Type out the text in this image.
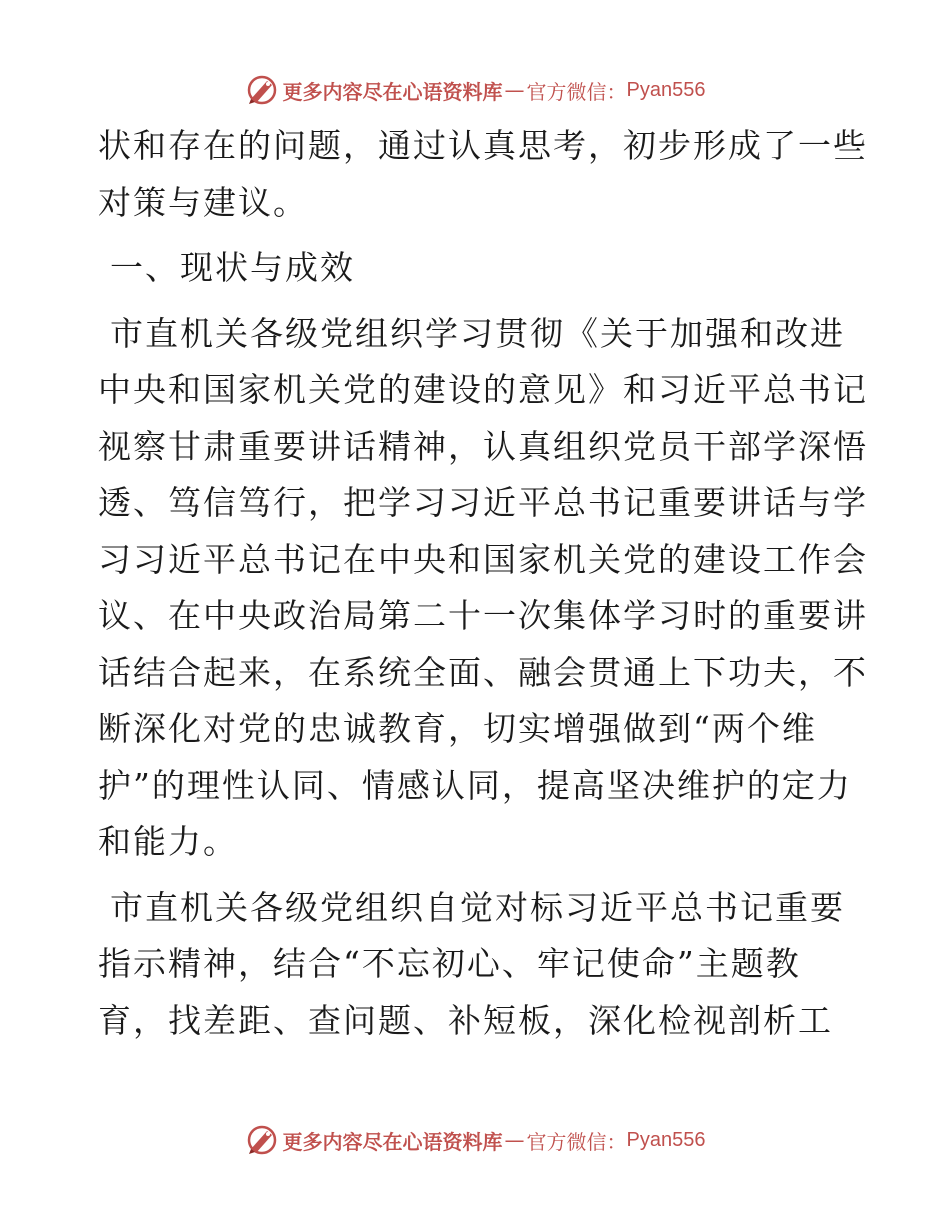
更多内容尽在心语资料库 — 官方微信： Pyan556
状和存在的问题，通过认真思考，初步形成了一些
对策与建议。
一、现状与成效
市直机关各级党组织学习贯彻《关于加强和改进
中央和国家机关党的建设的意见》和习近平总书记
视察甘肃重要讲话精神，认真组织党员干部学深悟
透、笃信笃行，把学习习近平总书记重要讲话与学
习习近平总书记在中央和国家机关党的建设工作会
议、在中央政治局第二十一次集体学习时的重要讲
话结合起来，在系统全面、融会贯通上下功夫，不
断深化对党的忠诚教育，切实增强做到“两个维
护”的理性认同、情感认同，提高坚决维护的定力
和能力。
市直机关各级党组织自觉对标习近平总书记重要
指示精神，结合“不忘初心、牢记使命”主题教
育，找差距、查问题、补短板，深化检视剖析工
更多内容尽在心语资料库 — 官方微信： Pyan556
